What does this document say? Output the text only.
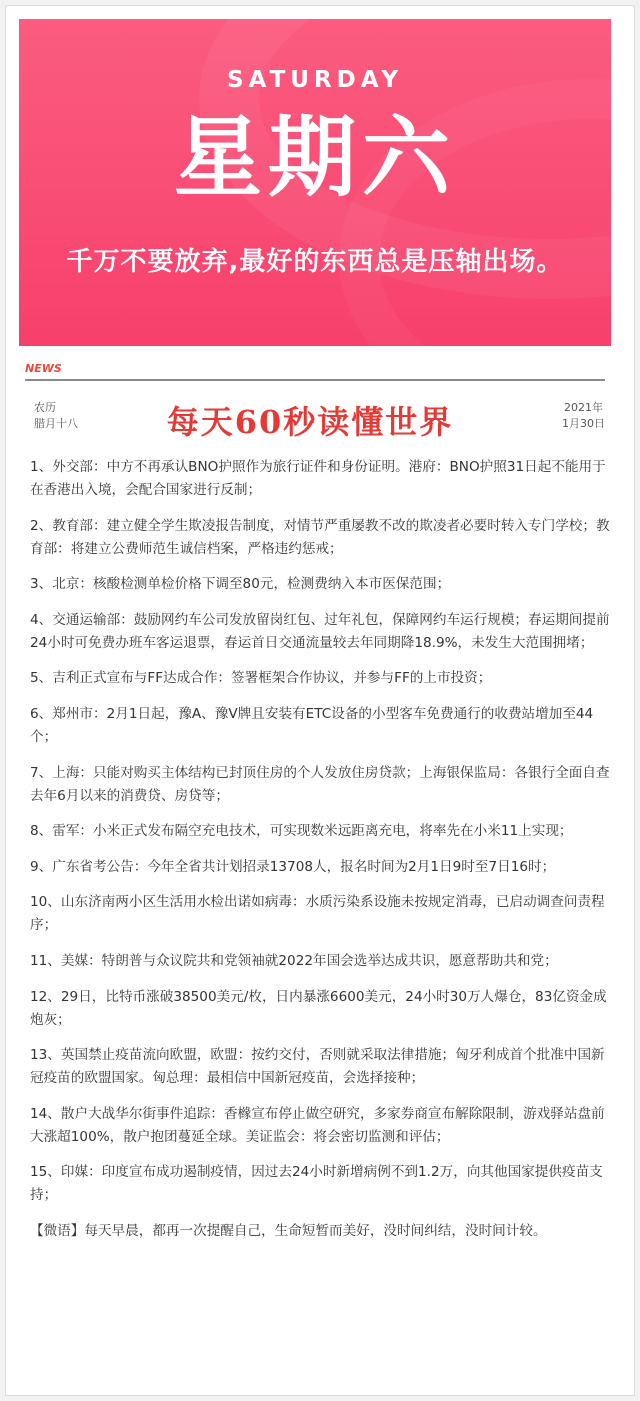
SATURDAY
星期六
千万不要放弃,最好的东西总是压轴出场。
NEWS
农历
腊月十八	每天60秒读懂世界	2021年
1月30日
1、外交部：中方不再承认BNO护照作为旅行证件和身份证明。港府：BNO护照31日起不能用于在香港出入境，会配合国家进行反制；
2、教育部：建立健全学生欺凌报告制度，对情节严重屡教不改的欺凌者必要时转入专门学校；教育部：将建立公费师范生诚信档案，严格违约惩戒；
3、北京：核酸检测单检价格下调至80元，检测费纳入本市医保范围；
4、交通运输部：鼓励网约车公司发放留岗红包、过年礼包，保障网约车运行规模；春运期间提前24小时可免费办班车客运退票，春运首日交通流量较去年同期降18.9%，未发生大范围拥堵；
5、吉利正式宣布与FF达成合作：签署框架合作协议，并参与FF的上市投资；
6、郑州市：2月1日起，豫A、豫V牌且安装有ETC设备的小型客车免费通行的收费站增加至44个；
7、上海：只能对购买主体结构已封顶住房的个人发放住房贷款；上海银保监局：各银行全面自查去年6月以来的消费贷、房贷等；
8、雷军：小米正式发布隔空充电技术，可实现数米远距离充电，将率先在小米11上实现；
9、广东省考公告：今年全省共计划招录13708人，报名时间为2月1日9时至7日16时；
10、山东济南两小区生活用水检出诺如病毒：水质污染系设施未按规定消毒，已启动调查问责程序；
11、美媒：特朗普与众议院共和党领袖就2022年国会选举达成共识，愿意帮助共和党；
12、29日，比特币涨破38500美元/枚，日内暴涨6600美元，24小时30万人爆仓，83亿资金成炮灰；
13、英国禁止疫苗流向欧盟，欧盟：按约交付，否则就采取法律措施；匈牙利成首个批准中国新冠疫苗的欧盟国家。匈总理：最相信中国新冠疫苗，会选择接种；
14、散户大战华尔街事件追踪：香橼宣布停止做空研究，多家券商宣布解除限制，游戏驿站盘前大涨超100%，散户抱团蔓延全球。美证监会：将会密切监测和评估；
15、印媒：印度宣布成功遏制疫情，因过去24小时新增病例不到1.2万，向其他国家提供疫苗支持；
【微语】每天早晨，都再一次提醒自己，生命短暂而美好，没时间纠结，没时间计较。
